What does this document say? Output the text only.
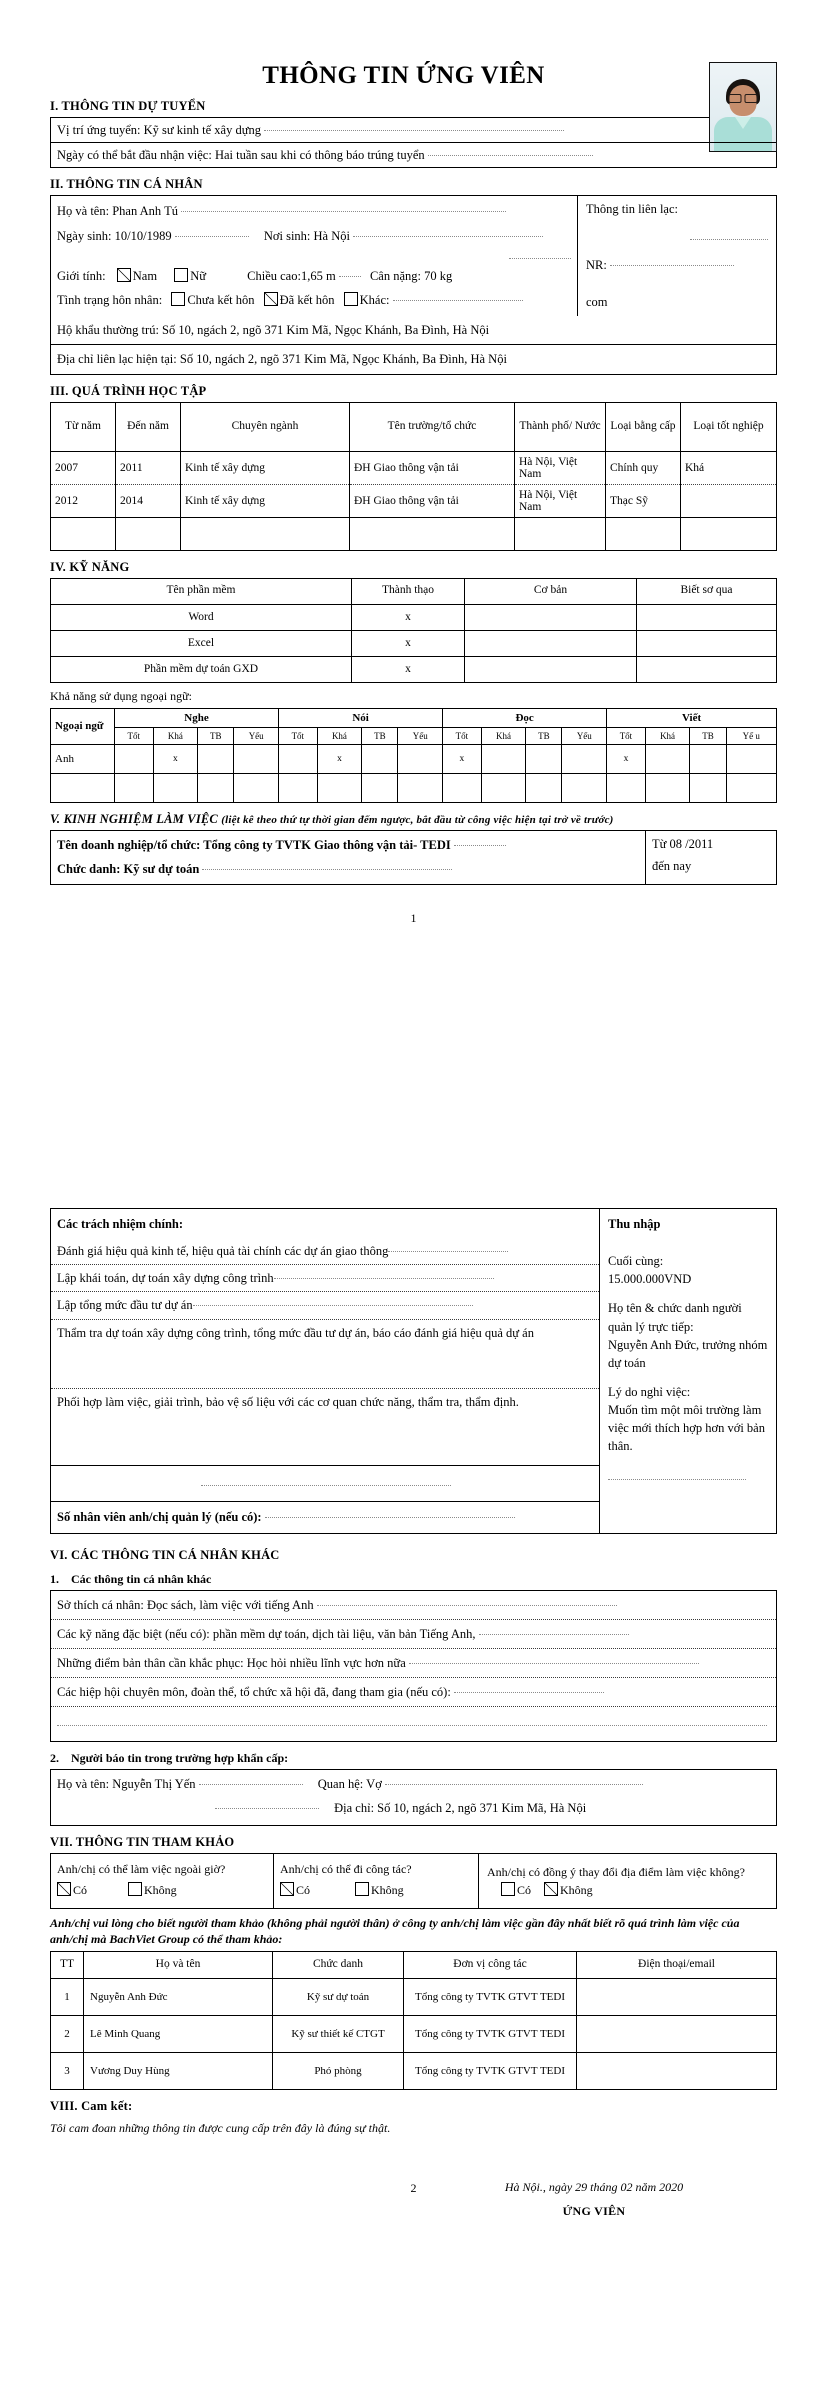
THÔNG TIN ỨNG VIÊN
I. THÔNG TIN DỰ TUYỂN
Vị trí ứng tuyển: Kỹ sư kinh tế xây dựng
Ngày có thể bắt đầu nhận việc: Hai tuần sau khi có thông báo trúng tuyển
II. THÔNG TIN CÁ NHÂN
Họ và tên: Phan Anh Tú
Ngày sinh: 10/10/1989	Nơi sinh: Hà Nội
Giới tính: Nam	Nữ	Chiều cao:1,65 m	Cân nặng: 70 kg
Tình trạng hôn nhân: Chưa kết hôn Đã kết hôn Khác:
Thông tin liên lạc:
NR:
com
Hộ khẩu thường trú: Số 10, ngách 2, ngõ 371 Kim Mã, Ngọc Khánh, Ba Đình, Hà Nội
Địa chỉ liên lạc hiện tại: Số 10, ngách 2, ngõ 371 Kim Mã, Ngọc Khánh, Ba Đình, Hà Nội
III. QUÁ TRÌNH HỌC TẬP
Từ năm	Đến năm	Chuyên ngành	Tên trường/tổ chức	Thành phố/ Nước	Loại bằng cấp	Loại tốt nghiệp
2007	2011	Kinh tế xây dựng	ĐH Giao thông vận tải	Hà Nội, Việt Nam	Chính quy	Khá
2012	2014	Kinh tế xây dựng	ĐH Giao thông vận tải	Hà Nội, Việt Nam	Thạc Sỹ	

IV. KỸ NĂNG
Tên phần mềm	Thành thạo	Cơ bản	Biết sơ qua
Word	x		
Excel	x		
Phần mềm dự toán GXD	x		
Khả năng sử dụng ngoại ngữ:
Ngoại ngữ	Nghe				Nói				Đọc				Viết			
	Tốt	Khá	TB	Yếu	Tốt	Khá	TB	Yếu	Tốt	Khá	TB	Yếu	Tốt	Khá	TB	Yế u
Anh		x				x			x				x			

V. KINH NGHIỆM LÀM VIỆC (liệt kê theo thứ tự thời gian đếm ngược, bắt đầu từ công việc hiện tại trở về trước)
Tên doanh nghiệp/tổ chức: Tổng công ty TVTK Giao thông vận tải- TEDI
Chức danh: Kỹ sư dự toán
Từ 08 /2011
đến nay
1
Các trách nhiệm chính:
Đánh giá hiệu quả kinh tế, hiệu quả tài chính các dự án giao thông
Lập khái toán, dự toán xây dựng công trình
Lập tổng mức đầu tư dự án
Thẩm tra dự toán xây dựng công trình, tổng mức đầu tư dự án, báo cáo đánh giá hiệu quả dự án
Phối hợp làm việc, giải trình, bảo vệ số liệu với các cơ quan chức năng, thẩm tra, thẩm định.
Số nhân viên anh/chị quản lý (nếu có):
Thu nhập
Cuối cùng:
15.000.000VND
Họ tên & chức danh người quản lý trực tiếp:
Nguyễn Anh Đức, trưởng nhóm dự toán
Lý do nghỉ việc:
Muốn tìm một môi trường làm việc mới thích hợp hơn với bản thân.
VI. CÁC THÔNG TIN CÁ NHÂN KHÁC
1. Các thông tin cá nhân khác
Sở thích cá nhân: Đọc sách, làm việc với tiếng Anh
Các kỹ năng đặc biệt (nếu có): phần mềm dự toán, dịch tài liệu, văn bản Tiếng Anh,
Những điểm bản thân cần khắc phục: Học hỏi nhiều lĩnh vực hơn nữa
Các hiệp hội chuyên môn, đoàn thể, tổ chức xã hội đã, đang tham gia (nếu có):
2. Người báo tin trong trường hợp khẩn cấp:
Họ và tên: Nguyễn Thị Yến	Quan hệ: Vợ
Địa chỉ: Số 10, ngách 2, ngõ 371 Kim Mã, Hà Nội
VII. THÔNG TIN THAM KHẢO
Anh/chị có thể làm việc ngoài giờ?
Có	Không
Anh/chị có thể đi công tác?
Có	Không
Anh/chị có đồng ý thay đổi địa điểm làm việc không? Có Không
Anh/chị vui lòng cho biết người tham khảo (không phải người thân) ở công ty anh/chị làm việc gần đây nhất biết rõ quá trình làm việc của anh/chị mà BachViet Group có thể tham khảo:
TT	Họ và tên	Chức danh	Đơn vị công tác	Điện thoại/email
1	Nguyễn Anh Đức	Kỹ sư dự toán	Tổng công ty TVTK GTVT TEDI	
2	Lê Minh Quang	Kỹ sư thiết kế CTGT	Tổng công ty TVTK GTVT TEDI	
3	Vương Duy Hùng	Phó phòng	Tổng công ty TVTK GTVT TEDI	
VIII. Cam kết:
Tôi cam đoan những thông tin được cung cấp trên đây là đúng sự thật.
Hà Nội., ngày 29 tháng 02 năm 2020
ỨNG VIÊN
2
